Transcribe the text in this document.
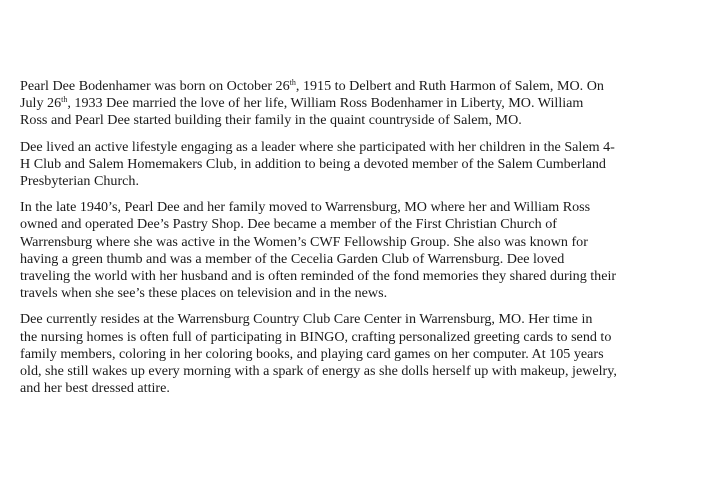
Pearl Dee Bodenhamer was born on October 26th, 1915 to Delbert and Ruth Harmon of Salem, MO. On
July 26th, 1933 Dee married the love of her life, William Ross Bodenhamer in Liberty, MO. William
Ross and Pearl Dee started building their family in the quaint countryside of Salem, MO.

Dee lived an active lifestyle engaging as a leader where she participated with her children in the Salem 4-
H Club and Salem Homemakers Club, in addition to being a devoted member of the Salem Cumberland
Presbyterian Church.

In the late 1940’s, Pearl Dee and her family moved to Warrensburg, MO where her and William Ross
owned and operated Dee’s Pastry Shop. Dee became a member of the First Christian Church of
Warrensburg where she was active in the Women’s CWF Fellowship Group. She also was known for
having a green thumb and was a member of the Cecelia Garden Club of Warrensburg. Dee loved
traveling the world with her husband and is often reminded of the fond memories they shared during their
travels when she see’s these places on television and in the news.

Dee currently resides at the Warrensburg Country Club Care Center in Warrensburg, MO. Her time in
the nursing homes is often full of participating in BINGO, crafting personalized greeting cards to send to
family members, coloring in her coloring books, and playing card games on her computer. At 105 years
old, she still wakes up every morning with a spark of energy as she dolls herself up with makeup, jewelry,
and her best dressed attire.
